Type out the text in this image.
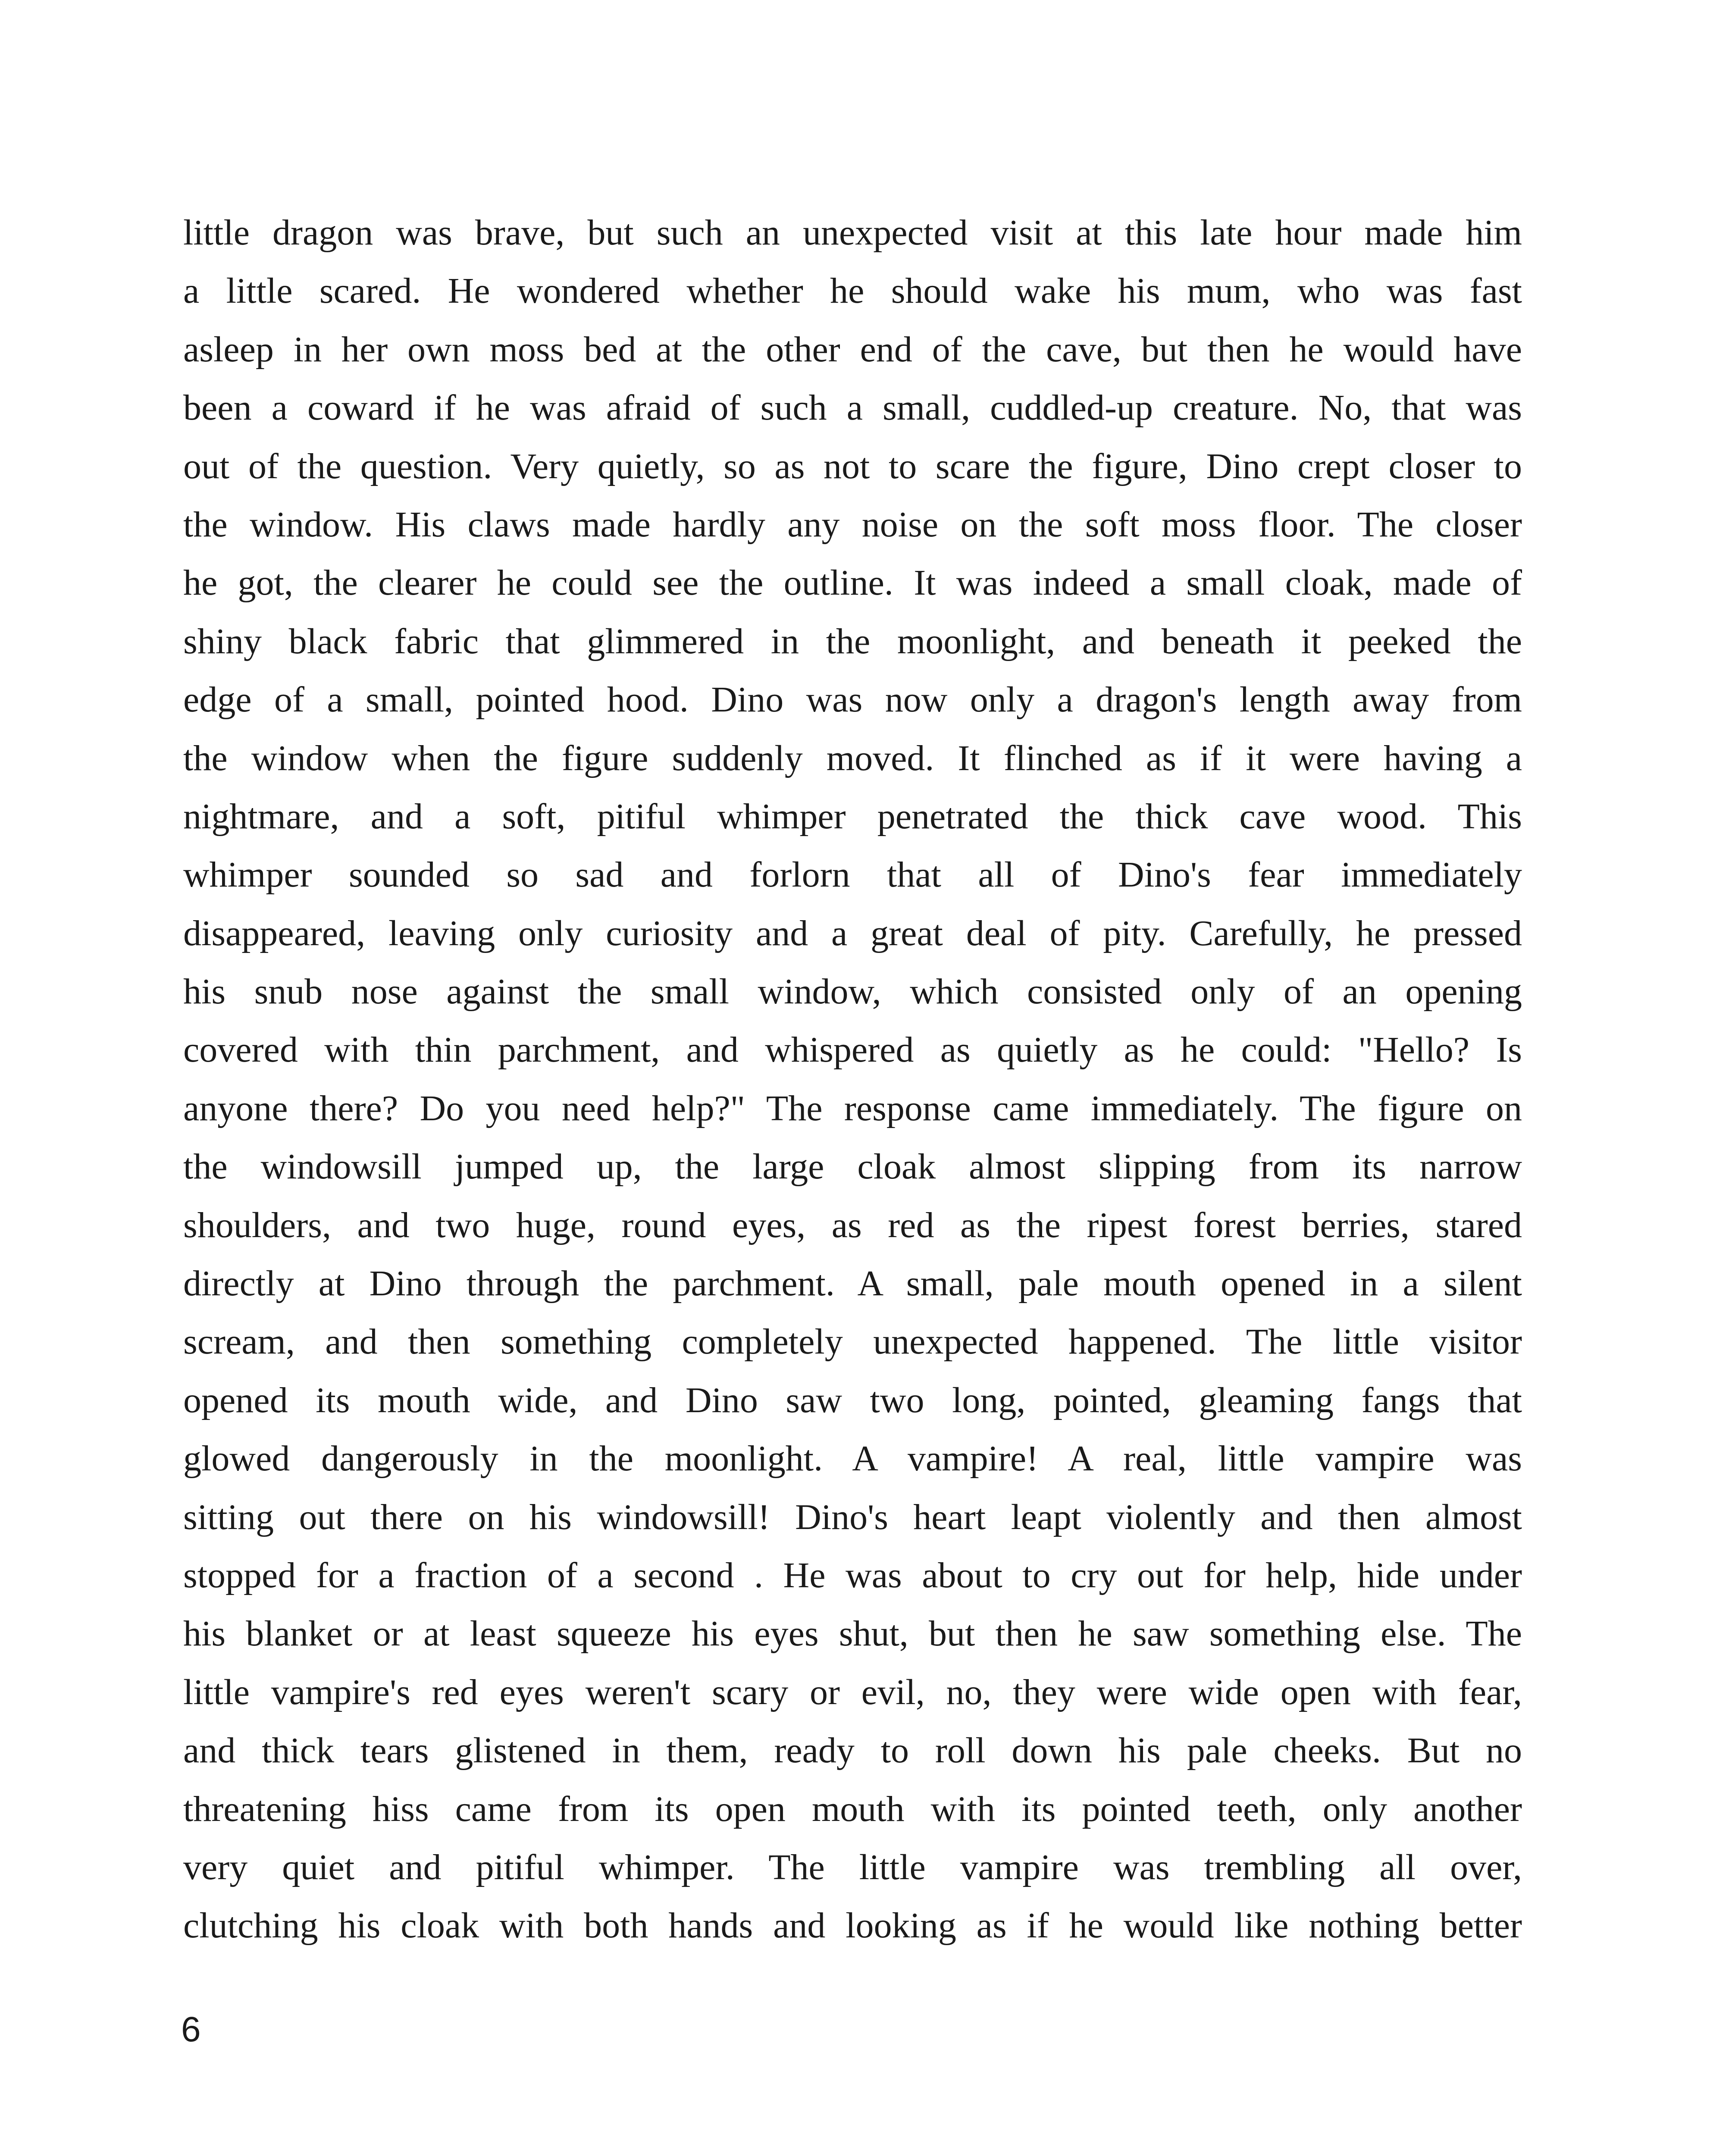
little dragon was brave, but such an unexpected visit at this late hour made him
a little scared. He wondered whether he should wake his mum, who was fast
asleep in her own moss bed at the other end of the cave, but then he would have
been a coward if he was afraid of such a small, cuddled-up creature. No, that was
out of the question. Very quietly, so as not to scare the figure, Dino crept closer to
the window. His claws made hardly any noise on the soft moss floor. The closer
he got, the clearer he could see the outline. It was indeed a small cloak, made of
shiny black fabric that glimmered in the moonlight, and beneath it peeked the
edge of a small, pointed hood. Dino was now only a dragon's length away from
the window when the figure suddenly moved. It flinched as if it were having a
nightmare, and a soft, pitiful whimper penetrated the thick cave wood. This
whimper sounded so sad and forlorn that all of Dino's fear immediately
disappeared, leaving only curiosity and a great deal of pity. Carefully, he pressed
his snub nose against the small window, which consisted only of an opening
covered with thin parchment, and whispered as quietly as he could: "Hello? Is
anyone there? Do you need help?" The response came immediately. The figure on
the windowsill jumped up, the large cloak almost slipping from its narrow
shoulders, and two huge, round eyes, as red as the ripest forest berries, stared
directly at Dino through the parchment. A small, pale mouth opened in a silent
scream, and then something completely unexpected happened. The little visitor
opened its mouth wide, and Dino saw two long, pointed, gleaming fangs that
glowed dangerously in the moonlight. A vampire! A real, little vampire was
sitting out there on his windowsill! Dino's heart leapt violently and then almost
stopped for a fraction of a second . He was about to cry out for help, hide under
his blanket or at least squeeze his eyes shut, but then he saw something else. The
little vampire's red eyes weren't scary or evil, no, they were wide open with fear,
and thick tears glistened in them, ready to roll down his pale cheeks. But no
threatening hiss came from its open mouth with its pointed teeth, only another
very quiet and pitiful whimper. The little vampire was trembling all over,
clutching his cloak with both hands and looking as if he would like nothing better
6
